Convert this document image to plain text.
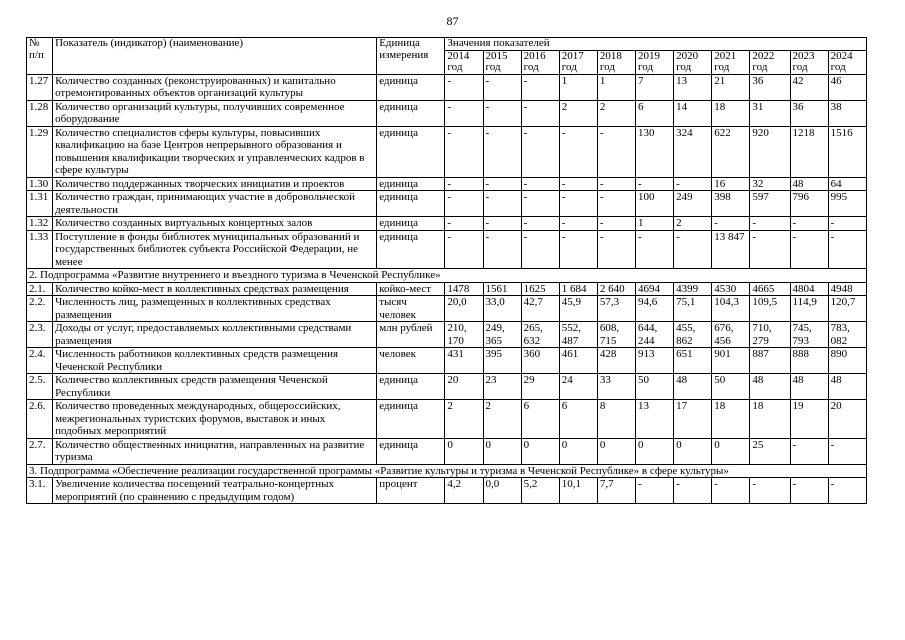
87
№ п/п	Показатель (индикатор) (наименование)	Единица измерения	Значения показателей										
			2014 год	2015 год	2016 год	2017 год	2018 год	2019 год	2020 год	2021 год	2022 год	2023 год	2024 год
1.27	Количество созданных (реконструированных) и капитально отремонтированных объектов организаций культуры	единица	-	-	-	1	1	7	13	21	36	42	46
1.28	Количество организаций культуры, получивших современное оборудование	единица	-	-	-	2	2	6	14	18	31	36	38
1.29	Количество специалистов сферы культуры, повысивших квалификацию на базе Центров непрерывного образования и повышения квалификации творческих и управленческих кадров в сфере культуры	единица	-	-	-	-	-	130	324	622	920	1218	1516
1.30	Количество поддержанных творческих инициатив и проектов	единица	-	-	-	-	-	-	-	16	32	48	64
1.31	Количество граждан, принимающих участие в добровольческой деятельности	единица	-	-	-	-	-	100	249	398	597	796	995
1.32	Количество созданных виртуальных концертных залов	единица	-	-	-	-	-	1	2	-	-	-	-
1.33	Поступление в фонды библиотек муниципальных образований и государственных библиотек субъекта Российской Федерации, не менее	единица	-	-	-	-	-	-	-	13 847	-	-	-
2. Подпрограмма «Развитие внутреннего и въездного туризма в Чеченской Республике»													
2.1.	Количество койко-мест в коллективных средствах размещения	койко-мест	1478	1561	1625	1 684	2 640	4694	4399	4530	4665	4804	4948
2.2.	Численность лиц, размещенных в коллективных средствах размещения	тысяч человек	20,0	33,0	42,7	45,9	57,3	94,6	75,1	104,3	109,5	114,9	120,7
2.3.	Доходы от услуг, предоставляемых коллективными средствами размещения	млн рублей	210, 170	249, 365	265, 632	552, 487	608, 715	644, 244	455, 862	676, 456	710, 279	745, 793	783, 082
2.4.	Численность работников коллективных средств размещения Чеченской Республики	человек	431	395	360	461	428	913	651	901	887	888	890
2.5.	Количество коллективных средств размещения Чеченской Республики	единица	20	23	29	24	33	50	48	50	48	48	48
2.6.	Количество проведенных международных, общероссийских, межрегиональных туристских форумов, выставок и иных подобных мероприятий	единица	2	2	6	6	8	13	17	18	18	19	20
2.7.	Количество общественных инициатив, направленных на развитие туризма	единица	0	0	0	0	0	0	0	0	25	-	-
3. Подпрограмма «Обеспечение реализации государственной программы «Развитие культуры и туризма в Чеченской Республике» в сфере культуры»													
3.1.	Увеличение количества посещений театрально-концертных мероприятий (по сравнению с предыдущим годом)	процент	4,2	0,0	5,2	10,1	7,7	-	-	-	-	-	-
